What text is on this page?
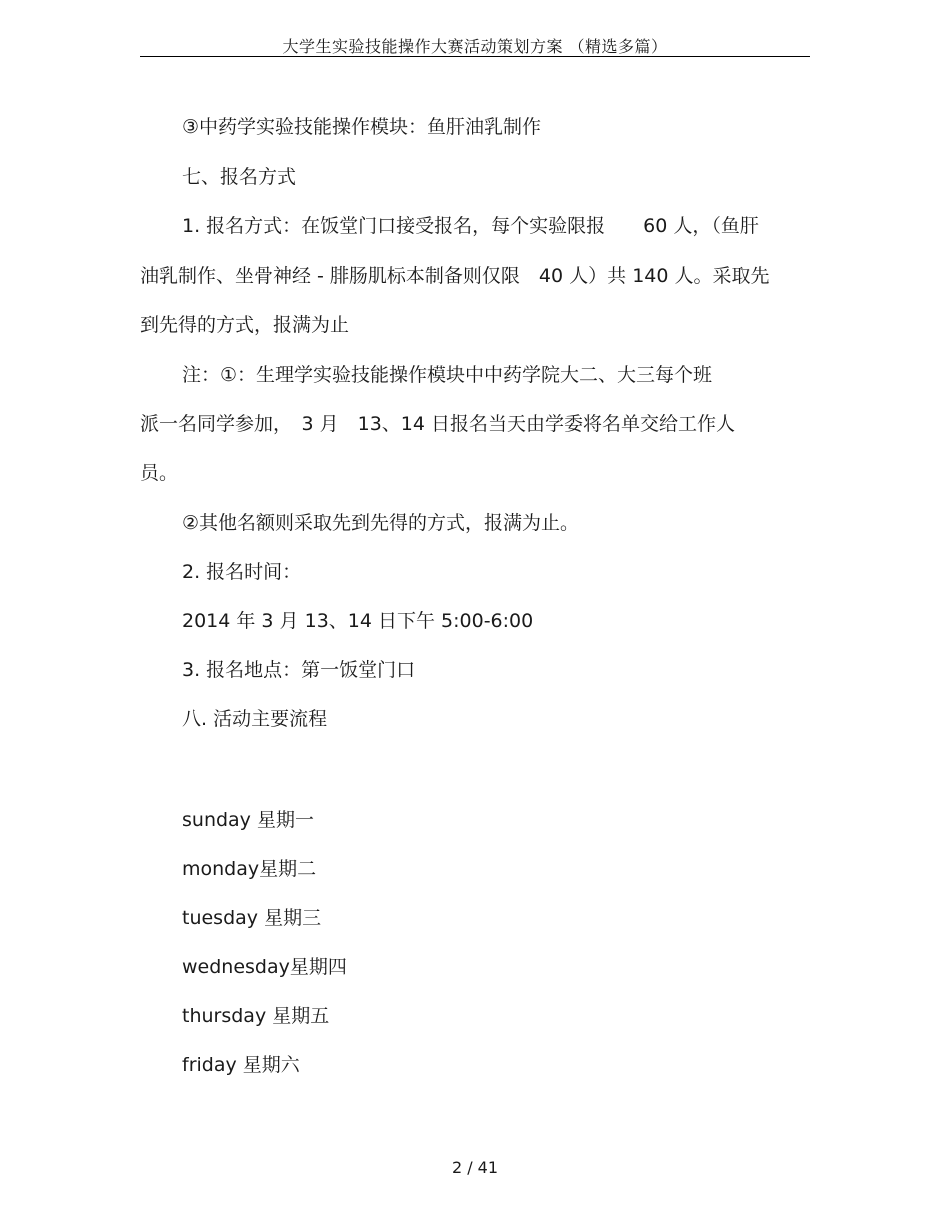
大学生实验技能操作大赛活动策划方案 （精选多篇）
③中药学实验技能操作模块：鱼肝油乳制作
七、报名方式
1. 报名方式：在饭堂门口接受报名，每个实验限报　　60 人，（鱼肝
油乳制作、坐骨神经 - 腓肠肌标本制备则仅限　40 人）共 140 人。采取先
到先得的方式，报满为止
注：①：生理学实验技能操作模块中中药学院大二、大三每个班
派一名同学参加，　3 月　13、14 日报名当天由学委将名单交给工作人
员。
②其他名额则采取先到先得的方式，报满为止。
2. 报名时间：
2014 年 3 月 13、14 日下午 5:00-6:00
3. 报名地点：第一饭堂门口
八. 活动主要流程
sunday 星期一
monday星期二
tuesday 星期三
wednesday星期四
thursday 星期五
friday 星期六
2 / 41
